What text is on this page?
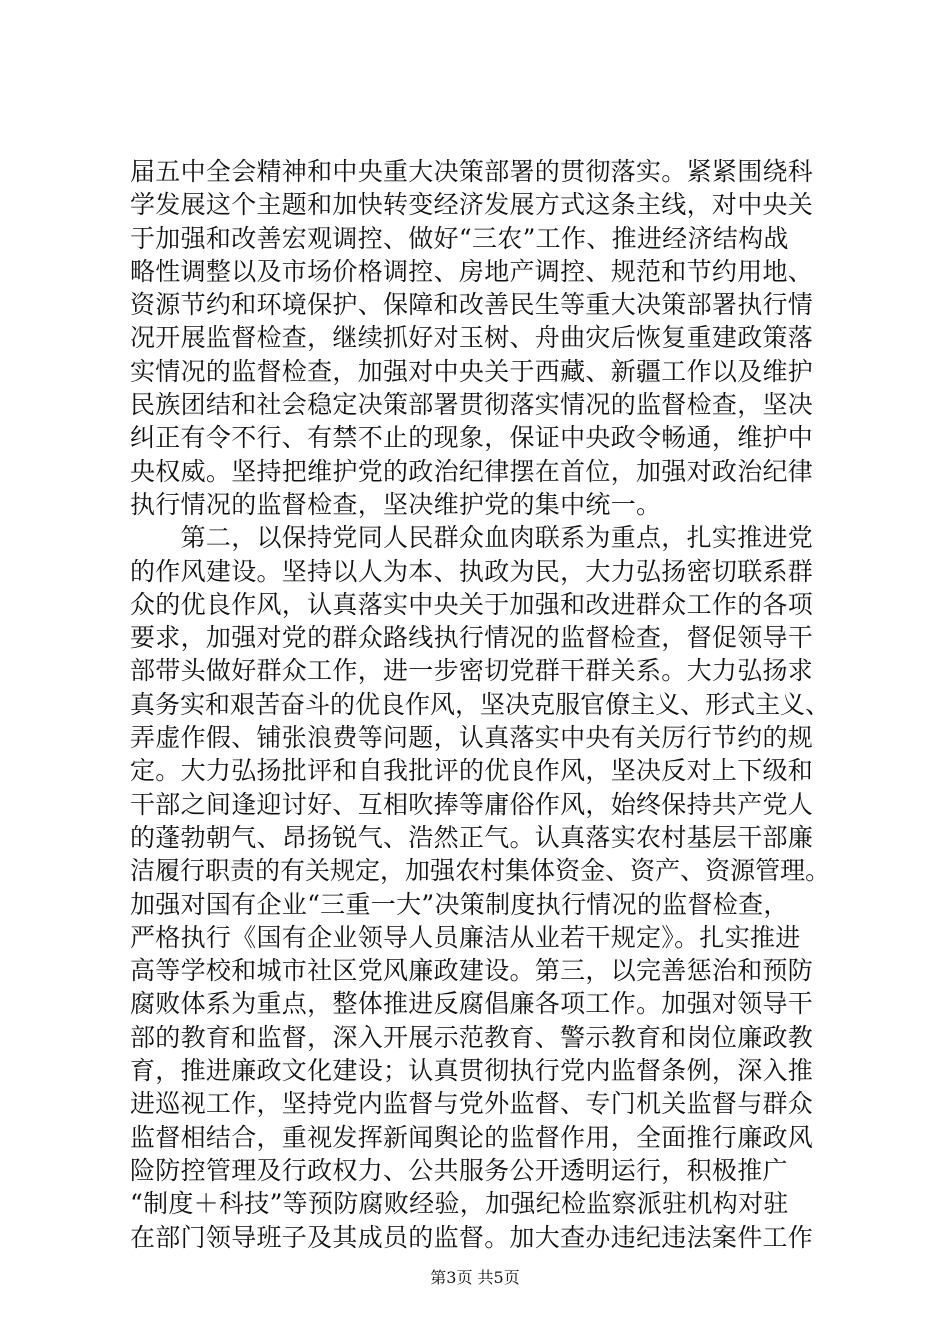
届五中全会精神和中央重大决策部署的贯彻落实。紧紧围绕科
学发展这个主题和加快转变经济发展方式这条主线，对中央关
于加强和改善宏观调控、做好“三农”工作、推进经济结构战
略性调整以及市场价格调控、房地产调控、规范和节约用地、
资源节约和环境保护、保障和改善民生等重大决策部署执行情
况开展监督检查，继续抓好对玉树、舟曲灾后恢复重建政策落
实情况的监督检查，加强对中央关于西藏、新疆工作以及维护
民族团结和社会稳定决策部署贯彻落实情况的监督检查，坚决
纠正有令不行、有禁不止的现象，保证中央政令畅通，维护中
央权威。坚持把维护党的政治纪律摆在首位，加强对政治纪律
执行情况的监督检查，坚决维护党的集中统一。
　　第二，以保持党同人民群众血肉联系为重点，扎实推进党
的作风建设。坚持以人为本、执政为民，大力弘扬密切联系群
众的优良作风，认真落实中央关于加强和改进群众工作的各项
要求，加强对党的群众路线执行情况的监督检查，督促领导干
部带头做好群众工作，进一步密切党群干群关系。大力弘扬求
真务实和艰苦奋斗的优良作风，坚决克服官僚主义、形式主义、
弄虚作假、铺张浪费等问题，认真落实中央有关厉行节约的规
定。大力弘扬批评和自我批评的优良作风，坚决反对上下级和
干部之间逢迎讨好、互相吹捧等庸俗作风，始终保持共产党人
的蓬勃朝气、昂扬锐气、浩然正气。认真落实农村基层干部廉
洁履行职责的有关规定，加强农村集体资金、资产、资源管理。
加强对国有企业“三重一大”决策制度执行情况的监督检查，
严格执行《国有企业领导人员廉洁从业若干规定》。扎实推进
高等学校和城市社区党风廉政建设。第三，以完善惩治和预防
腐败体系为重点，整体推进反腐倡廉各项工作。加强对领导干
部的教育和监督，深入开展示范教育、警示教育和岗位廉政教
育，推进廉政文化建设；认真贯彻执行党内监督条例，深入推
进巡视工作，坚持党内监督与党外监督、专门机关监督与群众
监督相结合，重视发挥新闻舆论的监督作用，全面推行廉政风
险防控管理及行政权力、公共服务公开透明运行，积极推广
“制度＋科技”等预防腐败经验，加强纪检监察派驻机构对驻
在部门领导班子及其成员的监督。加大查办违纪违法案件工作
第3页 共5页
